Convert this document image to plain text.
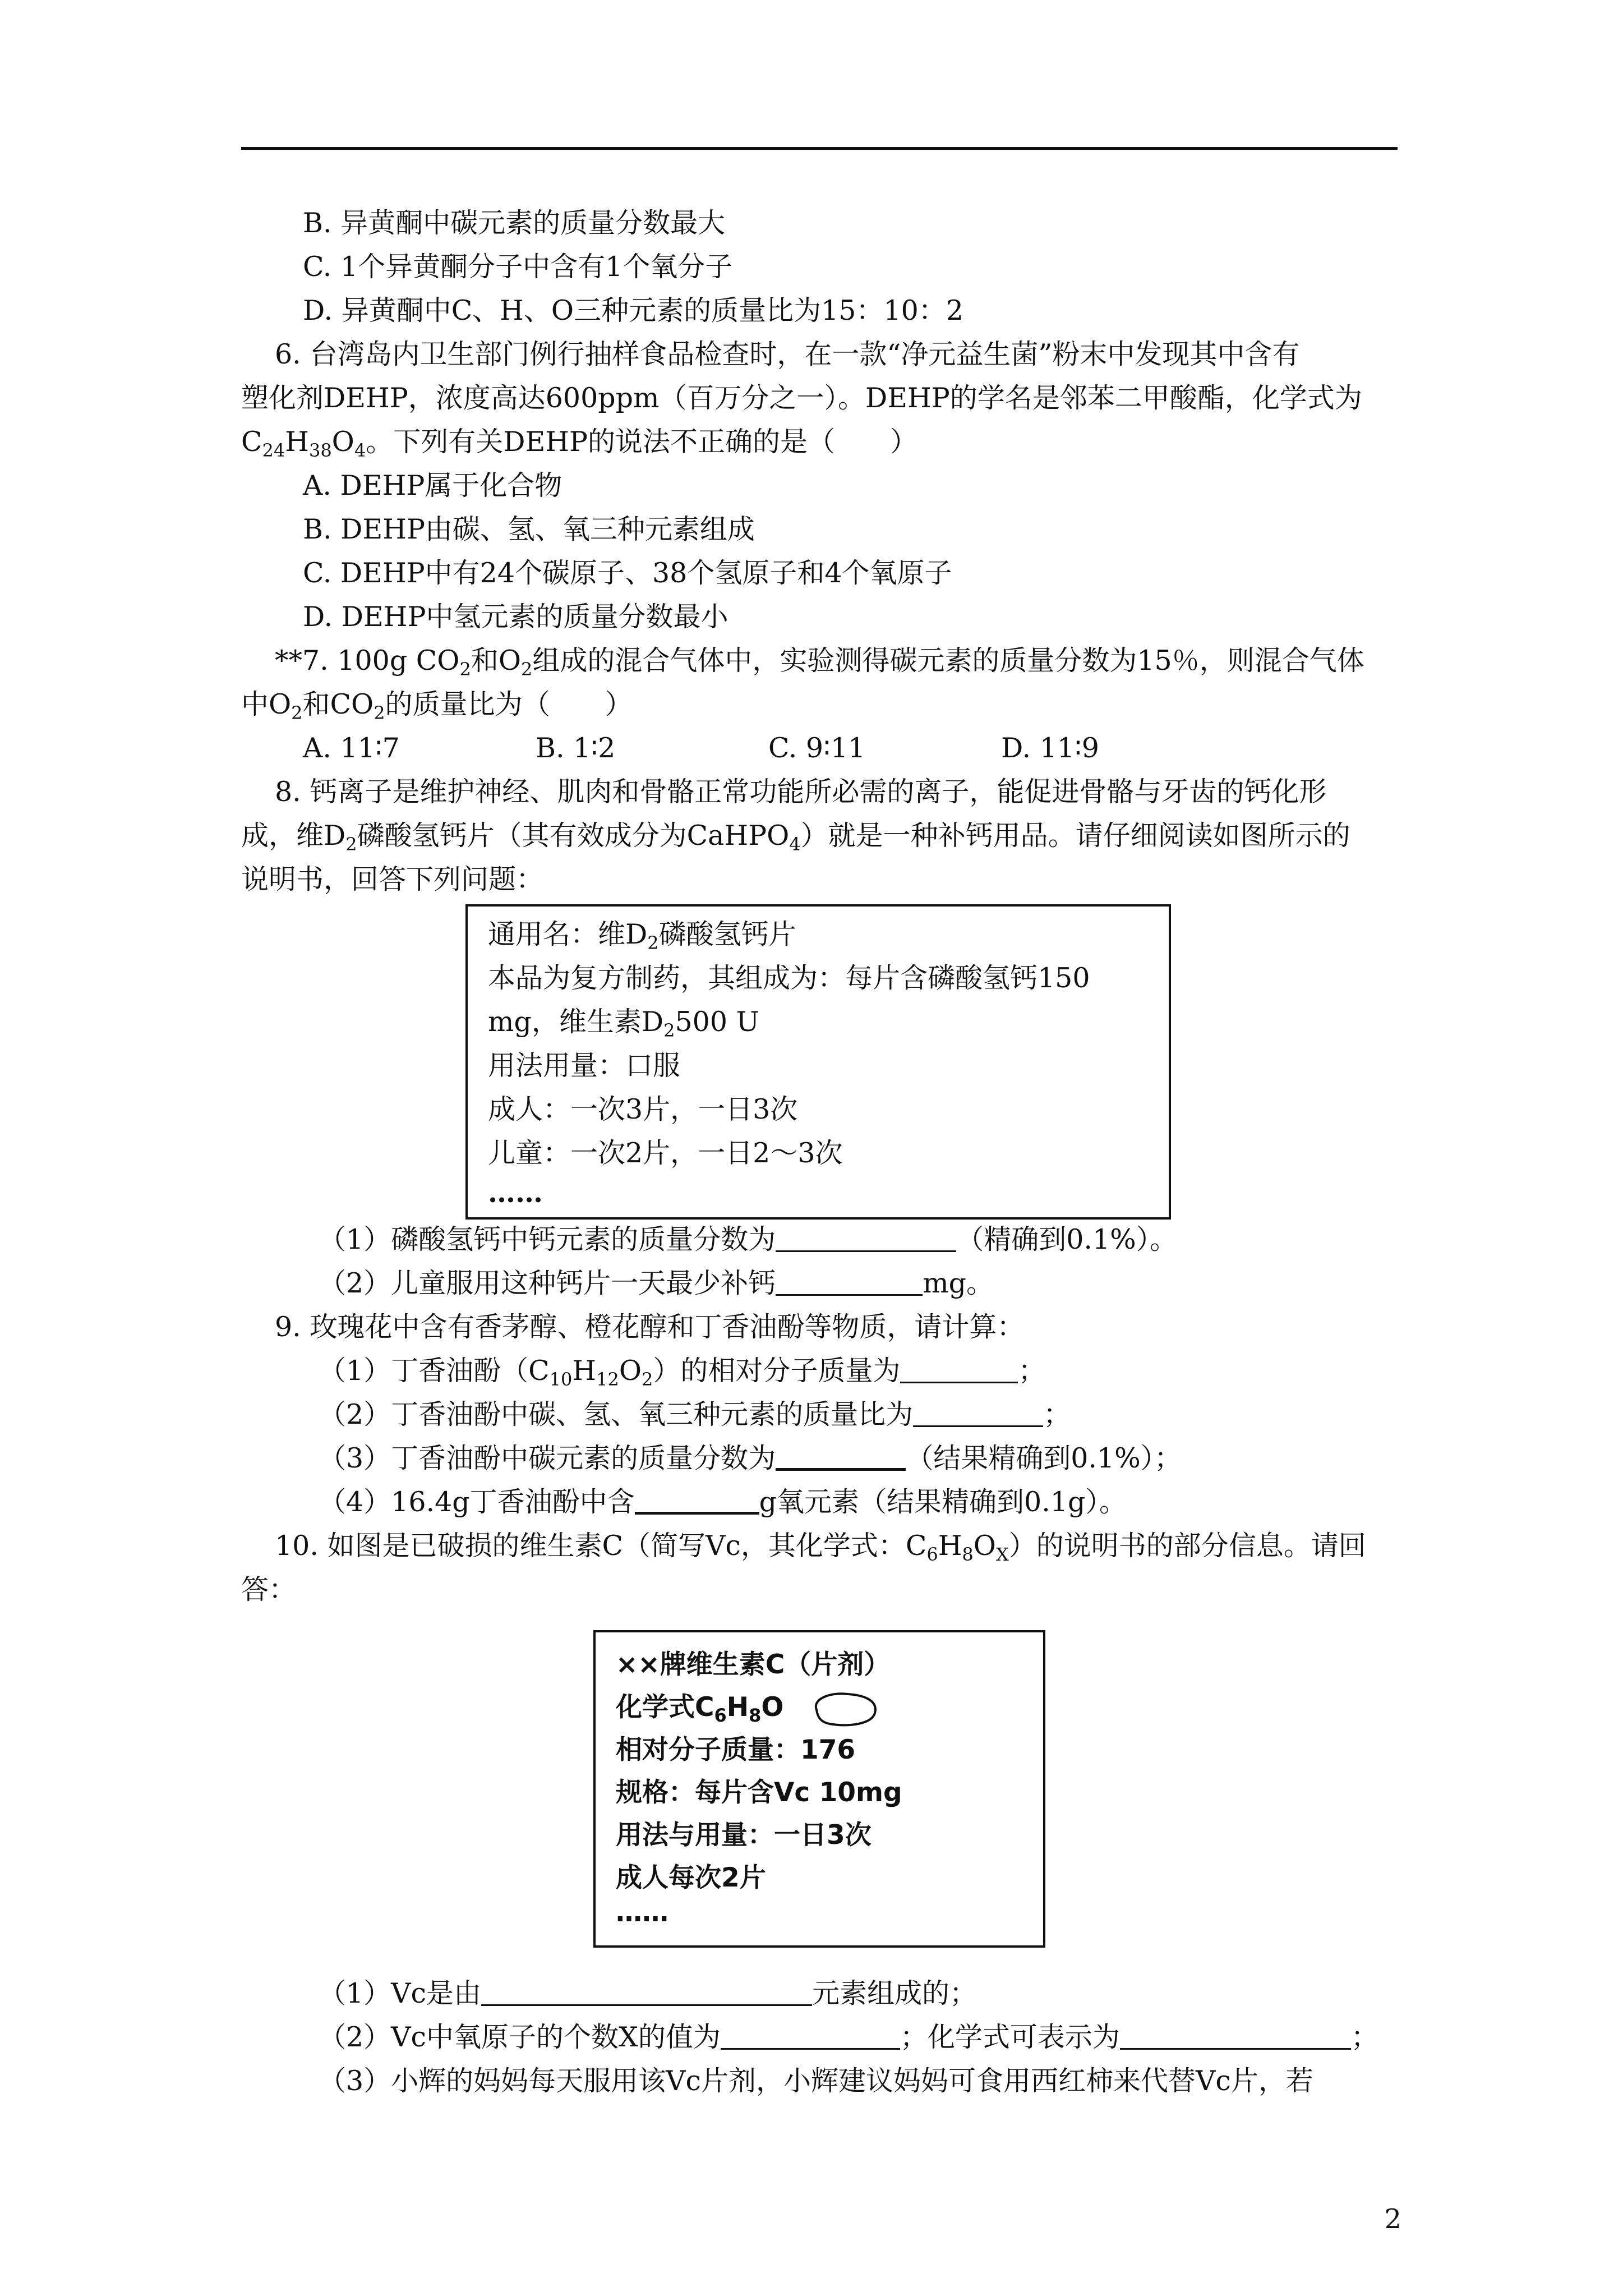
B. 异黄酮中碳元素的质量分数最大
C. 1个异黄酮分子中含有1个氧分子
D. 异黄酮中C、H、O三种元素的质量比为15：10：2
6. 台湾岛内卫生部门例行抽样食品检查时，在一款“净元益生菌”粉末中发现其中含有
塑化剂DEHP，浓度高达600ppm（百万分之一）。DEHP的学名是邻苯二甲酸酯，化学式为
$C_{24}H_{38}O_4$。下列有关DEHP的说法不正确的是（　　）
A. DEHP属于化合物
B. DEHP由碳、氢、氧三种元素组成
C. DEHP中有24个碳原子、38个氢原子和4个氧原子
D. DEHP中氢元素的质量分数最小
**7. 100g $CO_2$和$O_2$组成的混合气体中，实验测得碳元素的质量分数为15％，则混合气体
中$O_2$和$CO_2$的质量比为（　　）
A. 11∶7	B. 1∶2	C. 9∶11	D. 11∶9
8. 钙离子是维护神经、肌肉和骨骼正常功能所必需的离子，能促进骨骼与牙齿的钙化形
成，维$D_2$磷酸氢钙片（其有效成分为CaHPO$_4$）就是一种补钙用品。请仔细阅读如图所示的
说明书，回答下列问题：
通用名：维$D_2$磷酸氢钙片
本品为复方制药，其组成为：每片含磷酸氢钙150
mg，维生素$D_2500$ U
用法用量：口服
成人：一次3片，一日3次
儿童：一次2片，一日2～3次
……
（1）磷酸氢钙中钙元素的质量分数为	（精确到0.1%）。
（2）儿童服用这种钙片一天最少补钙	mg。
9. 玫瑰花中含有香茅醇、橙花醇和丁香油酚等物质，请计算：
（1）丁香油酚$(C_{10}H_{12}O_2)$的相对分子质量为	；
（2）丁香油酚中碳、氢、氧三种元素的质量比为	；
（3）丁香油酚中碳元素的质量分数为	（结果精确到0.1%）；
（4）16.4g丁香油酚中含	g氧元素（结果精确到0.1g）。
10. 如图是已破损的维生素C（简写Vc，其化学式：$C_6H_8O_X$）的说明书的部分信息。请回
答：
××牌维生素C（片剂）
化学式$C_6H_8O$
相对分子质量：176
规格：每片含Vc 10mg
用法与用量：一日3次
成人每次2片
……
（1）Vc是由	元素组成的；
（2）Vc中氧原子的个数X的值为	；化学式可表示为	；
（3）小辉的妈妈每天服用该Vc片剂，小辉建议妈妈可食用西红柿来代替Vc片，若
2
